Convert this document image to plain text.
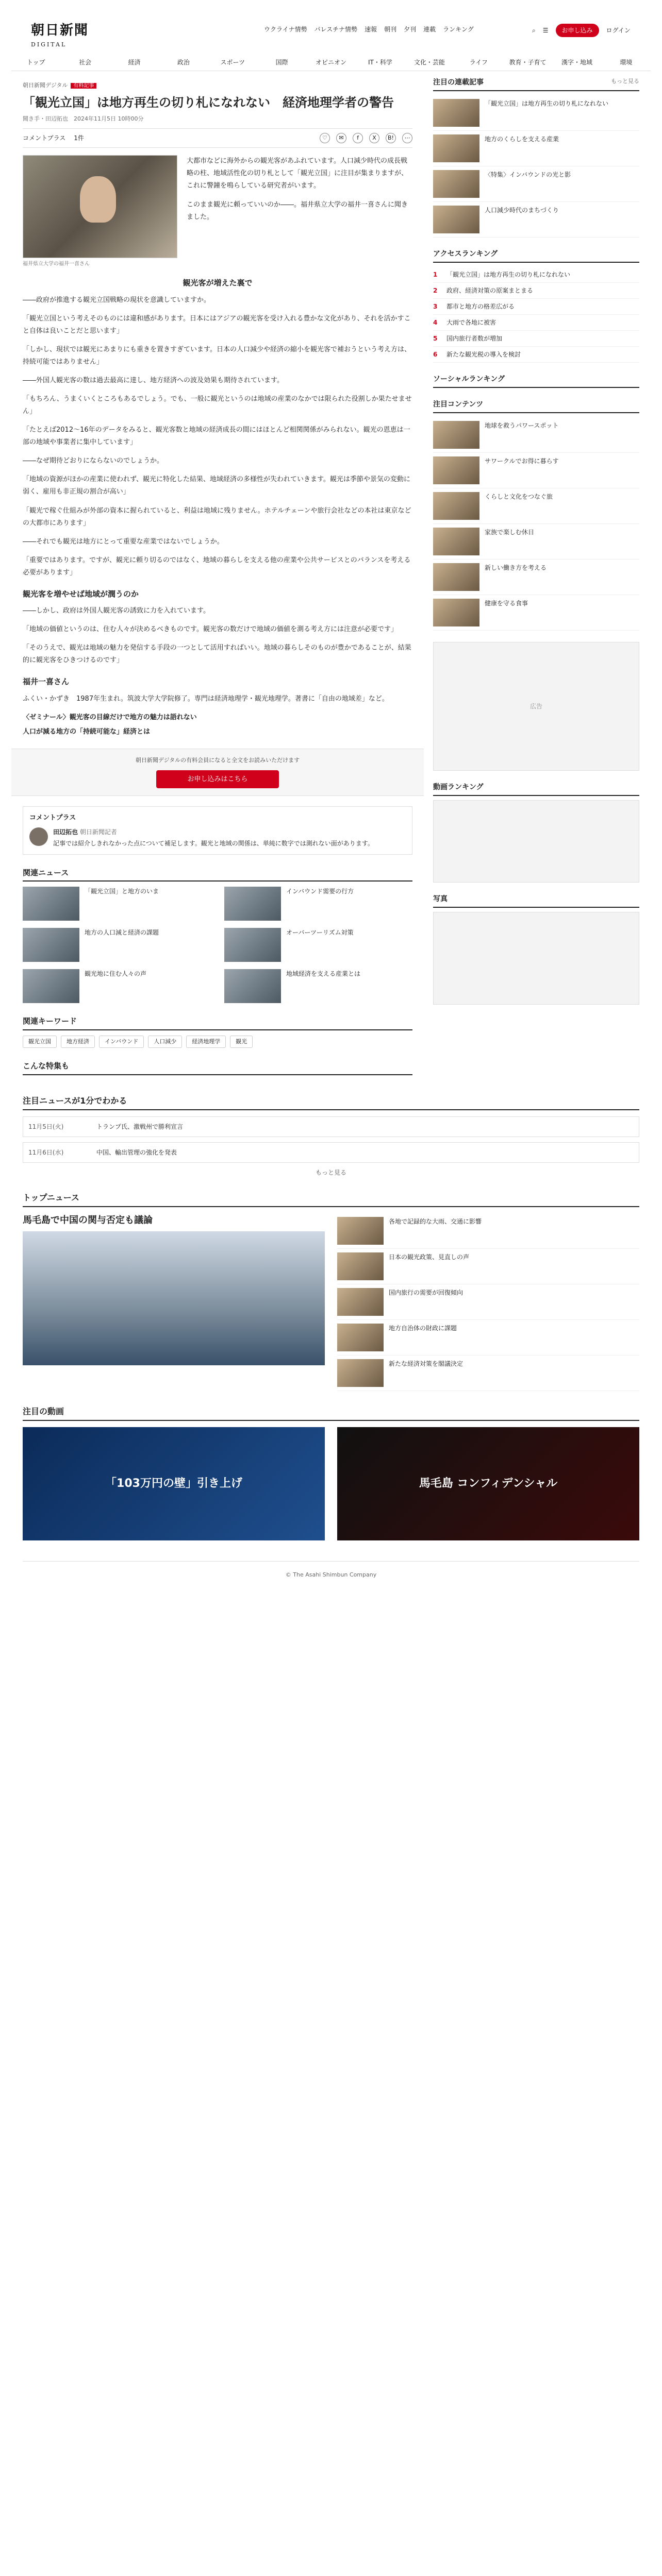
朝日新聞
DIGITAL
ウクライナ情勢 パレスチナ情勢 速報 朝刊 夕刊 連載 ランキング	⌕ ☰	お申し込み	ログイン
トップ	社会	経済	政治	スポーツ	国際	オピニオン	IT・科学	文化・芸能	ライフ	教育・子育て	漢字・地域	環境
朝日新聞デジタル 有料記事
「観光立国」は地方再生の切り札になれない　経済地理学者の警告
聞き手・田辺拓也　2024年11月5日 10時00分
コメントプラス 1件	♡	✉	f	X	B!	⋯
福井県立大学の福井一喜さん

大都市などに海外からの観光客があふれています。人口減少時代の成長戦略の柱、地域活性化の切り札として「観光立国」に注目が集まりますが、これに警鐘を鳴らしている研究者がいます。

このまま観光に頼っていいのか――。福井県立大学の福井一喜さんに聞きました。

観光客が増えた裏で

――政府が推進する観光立国戦略の現状を意識していますか。

「観光立国という考えそのものには違和感があります。日本にはアジアの観光客を受け入れる豊かな文化があり、それを活かすこと自体は良いことだと思います」

「しかし、現状では観光にあまりにも重きを置きすぎています。日本の人口減少や経済の縮小を観光客で補おうという考え方は、持続可能ではありません」

――外国人観光客の数は過去最高に達し、地方経済への波及効果も期待されています。

「もちろん、うまくいくところもあるでしょう。でも、一般に観光というのは地域の産業のなかでは限られた役割しか果たせません」

「たとえば2012〜16年のデータをみると、観光客数と地域の経済成長の間にはほとんど相関関係がみられない。観光の恩恵は一部の地域や事業者に集中しています」

――なぜ期待どおりにならないのでしょうか。

「地域の資源がほかの産業に使われず、観光に特化した結果、地域経済の多様性が失われていきます。観光は季節や景気の変動に弱く、雇用も非正規の割合が高い」

「観光で稼ぐ仕組みが外部の資本に握られていると、利益は地域に残りません。ホテルチェーンや旅行会社などの本社は東京などの大都市にあります」

――それでも観光は地方にとって重要な産業ではないでしょうか。

「重要ではあります。ですが、観光に頼り切るのではなく、地域の暮らしを支える他の産業や公共サービスとのバランスを考える必要があります」

観光客を増やせば地域が潤うのか

――しかし、政府は外国人観光客の誘致に力を入れています。

「地域の価値というのは、住む人々が決めるべきものです。観光客の数だけで地域の価値を測る考え方には注意が必要です」

「そのうえで、観光は地域の魅力を発信する手段の一つとして活用すればいい。地域の暮らしそのものが豊かであることが、結果的に観光客をひきつけるのです」

福井一喜さん

ふくい・かずき　1987年生まれ。筑波大学大学院修了。専門は経済地理学・観光地理学。著書に「自由の地域差」など。

〈ゼミナール〉観光客の目線だけで地方の魅力は語れない

人口が減る地方の「持続可能な」経済とは

朝日新聞デジタルの有料会員になると全文をお読みいただけます

お申し込みはこちら
コメントプラス
田辺拓也 朝日新聞記者
記事では紹介しきれなかった点について補足します。観光と地域の関係は、単純に数字では測れない面があります。
関連ニュース
「観光立国」と地方のいま	インバウンド需要の行方
地方の人口減と経済の課題	オーバーツーリズム対策
観光地に住む人々の声	地域経済を支える産業とは
関連キーワード
観光立国	地方経済	インバウンド	人口減少	経済地理学	観光
こんな特集も
注目の連載記事	もっと見る
「観光立国」は地方再生の切り札になれない
地方のくらしを支える産業
〈特集〉インバウンドの光と影
人口減少時代のまちづくり
アクセスランキング
1	「観光立国」は地方再生の切り札になれない
2	政府、経済対策の原案まとまる
3	都市と地方の格差広がる
4	大雨で各地に被害
5	国内旅行者数が増加
6	新たな観光税の導入を検討
ソーシャルランキング
注目コンテンツ
地球を救うパワースポット
サワークルでお得に暮らす
くらしと文化をつなぐ旅
家族で楽しむ休日
新しい働き方を考える
健康を守る食事
広告
動画ランキング
写真
注目ニュースが1分でわかる
11月5日(火)	トランプ氏、激戦州で勝利宣言
11月6日(水)	中国、輸出管理の強化を発表
もっと見る
トップニュース
馬毛島で中国の関与否定も議論	各地で記録的な大雨、交通に影響
日本の観光政策、見直しの声
国内旅行の需要が回復傾向
地方自治体の財政に課題
新たな経済対策を閣議決定
注目の動画
「103万円の壁」引き上げ	馬毛島 コンフィデンシャル
© The Asahi Shimbun Company
